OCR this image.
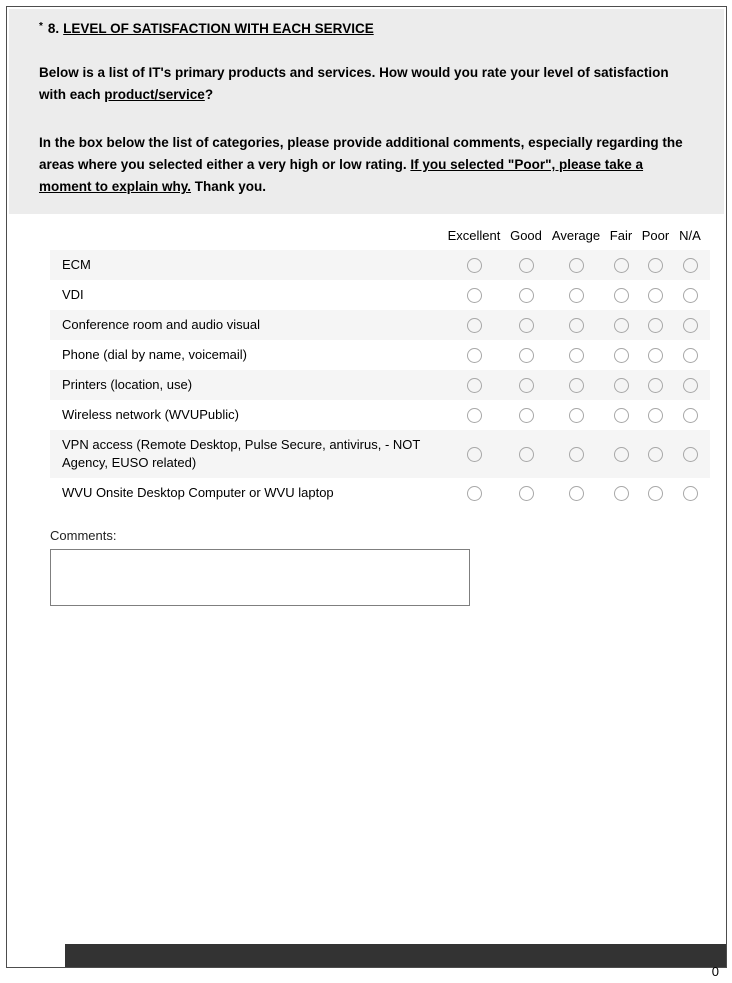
* 8. LEVEL OF SATISFACTION WITH EACH SERVICE

Below is a list of IT's primary products and services. How would you rate your level of satisfaction with each product/service?

In the box below the list of categories, please provide additional comments, especially regarding the areas where you selected either a very high or low rating. If you selected "Poor", please take a moment to explain why. Thank you.

Excellent Good Average Fair Poor N/A
ECM
VDI
Conference room and audio visual
Phone (dial by name, voicemail)
Printers (location, use)
Wireless network (WVUPublic)
VPN access (Remote Desktop, Pulse Secure, antivirus, - NOT Agency, EUSO related)
WVU Onsite Desktop Computer or WVU laptop
Comments:
0
